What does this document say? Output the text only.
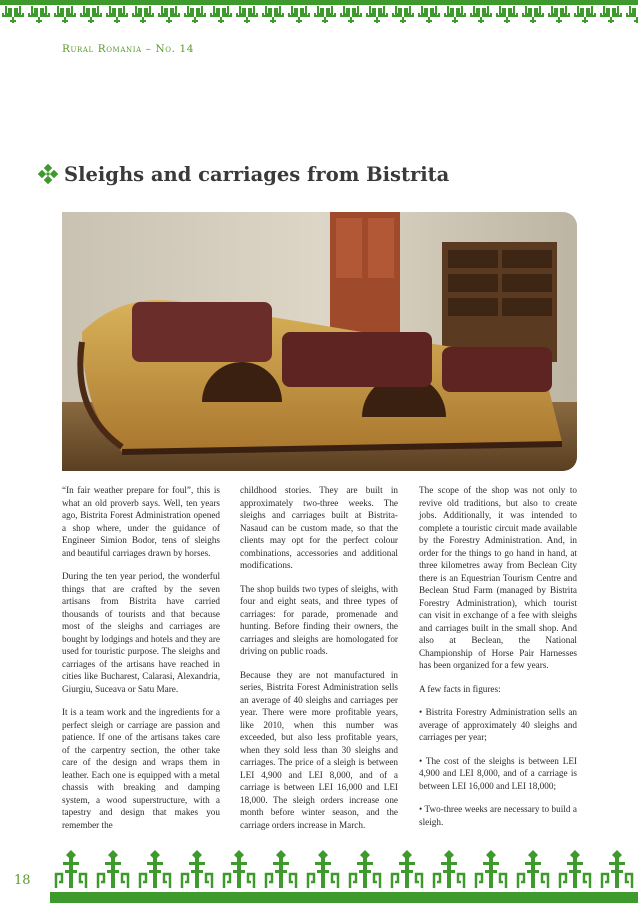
Rural Romania – No. 14
Sleighs and carriages from Bistrita

“In fair weather prepare for foul”, this is what an old proverb says. Well, ten years ago, Bistrita Forest Administration opened a shop where, under the guidance of Engineer Simion Bodor, tens of sleighs and beautiful carriages drawn by horses.

During the ten year period, the wonderful things that are crafted by the seven artisans from Bistrita have carried thousands of tourists and that because most of the sleighs and carriages are bought by lodgings and hotels and they are used for touristic purpose. The sleighs and carriages of the artisans have reached in cities like Bucharest, Calarasi, Alexandria, Giurgiu, Suceava or Satu Mare.

It is a team work and the ingredients for a perfect sleigh or carriage are passion and patience. If one of the artisans takes care of the carpentry section, the other take care of the design and wraps them in leather. Each one is equipped with a metal chassis with breaking and damping system, a wood superstructure, with a tapestry and design that makes you remember the

childhood stories. They are built in approximately two-three weeks. The sleighs and carriages built at Bistrita-Nasaud can be custom made, so that the clients may opt for the perfect colour combinations, accessories and additional modifications.

The shop builds two types of sleighs, with four and eight seats, and three types of carriages: for parade, promenade and hunting. Before finding their owners, the carriages and sleighs are homologated for driving on public roads.

Because they are not manufactured in series, Bistrita Forest Administration sells an average of 40 sleighs and carriages per year. There were more profitable years, like 2010, when this number was exceeded, but also less profitable years, when they sold less than 30 sleighs and carriages. The price of a sleigh is between LEI 4,900 and LEI 8,000, and of a carriage is between LEI 16,000 and LEI 18,000. The sleigh orders increase one month before winter season, and the carriage orders increase in March.

The scope of the shop was not only to revive old traditions, but also to create jobs. Additionally, it was intended to complete a touristic circuit made available by the Forestry Administration. And, in order for the things to go hand in hand, at three kilometres away from Beclean City there is an Equestrian Tourism Centre and Beclean Stud Farm (managed by Bistrita Forestry Administration), which tourist can visit in exchange of a fee with sleighs and carriages built in the small shop. And also at Beclean, the National Championship of Horse Pair Harnesses has been organized for a few years.

A few facts in figures:

• Bistrita Forestry Administration sells an average of approximately 40 sleighs and carriages per year;

• The cost of the sleighs is between LEI 4,900 and LEI 8,000, and of a carriage is between LEI 16,000 and LEI 18,000;

• Two-three weeks are necessary to build a sleigh.

18
